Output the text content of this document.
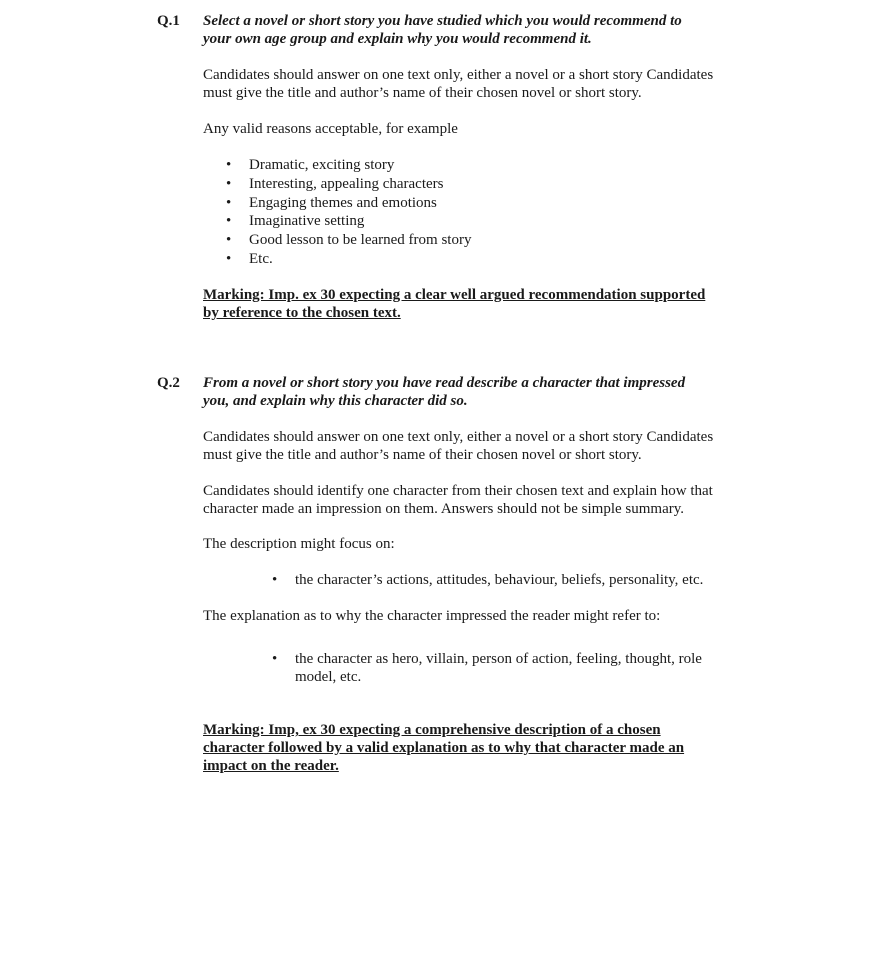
Q.1 Select a novel or short story you have studied which you would recommend to

your own age group and explain why you would recommend it.

Candidates should answer on one text only, either a novel or a short story Candidates

must give the title and author’s name of their chosen novel or short story.

Any valid reasons acceptable, for example

• Dramatic, exciting story
• Interesting, appealing characters
• Engaging themes and emotions
• Imaginative setting
• Good lesson to be learned from story
• Etc.

Marking: Imp. ex 30 expecting a clear well argued recommendation supported

by reference to the chosen text.

Q.2 From a novel or short story you have read describe a character that impressed

you, and explain why this character did so.

Candidates should answer on one text only, either a novel or a short story Candidates

must give the title and author’s name of their chosen novel or short story.

Candidates should identify one character from their chosen text and explain how that

character made an impression on them. Answers should not be simple summary.

The description might focus on:

• the character’s actions, attitudes, behaviour, beliefs, personality, etc.

The explanation as to why the character impressed the reader might refer to:

• the character as hero, villain, person of action, feeling, thought, role
model, etc.

Marking: Imp, ex 30 expecting a comprehensive description of a chosen

character followed by a valid explanation as to why that character made an

impact on the reader.
